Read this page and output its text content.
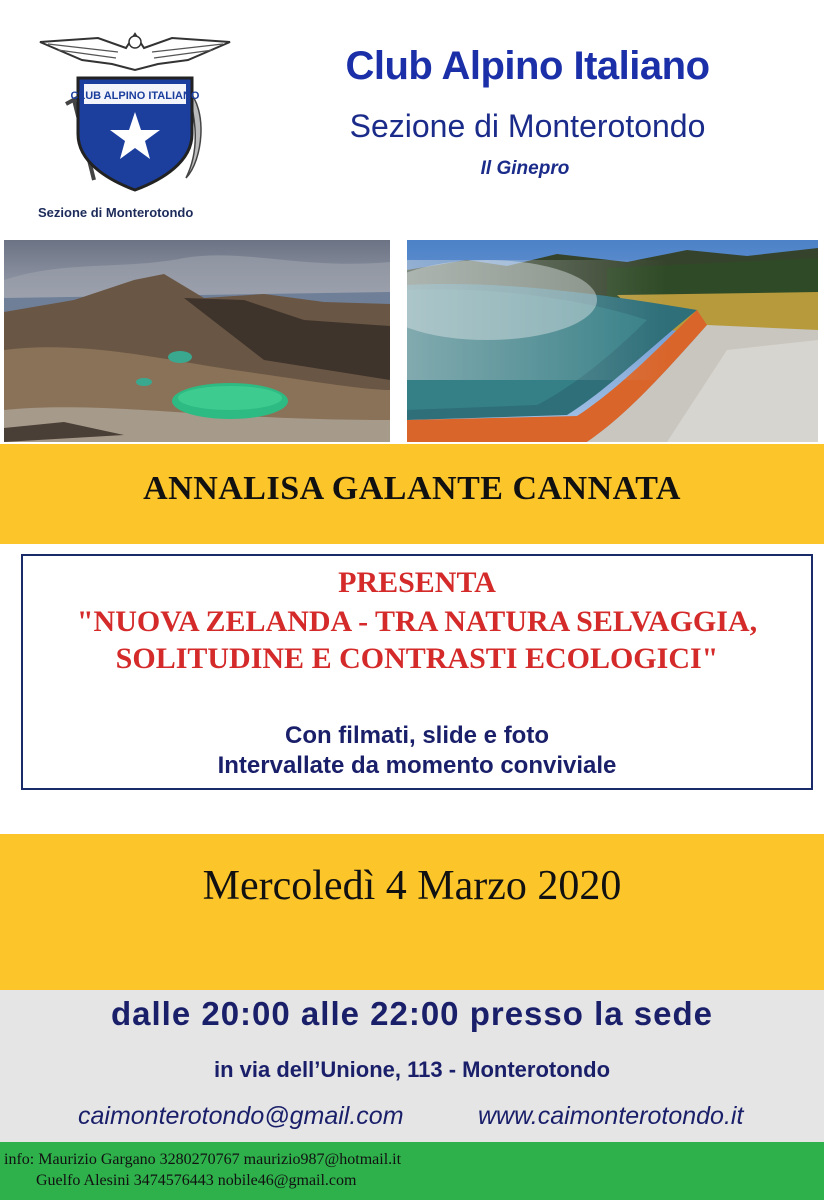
CLUB ALPINO ITALIANO
Sezione di Monterotondo
Club Alpino Italiano
Sezione di Monterotondo
Il Ginepro
ANNALISA GALANTE CANNATA
PRESENTA
"NUOVA ZELANDA - TRA NATURA SELVAGGIA,
SOLITUDINE E CONTRASTI ECOLOGICI"
Con filmati, slide e foto
Intervallate da momento conviviale
Mercoledì 4 Marzo 2020
dalle 20:00 alle 22:00 presso la sede
in via dell’Unione, 113 - Monterotondo
caimonterotondo@gmail.com	www.caimonterotondo.it
info: Maurizio Gargano 3280270767 maurizio987@hotmail.it
Guelfo Alesini 3474576443 nobile46@gmail.com
